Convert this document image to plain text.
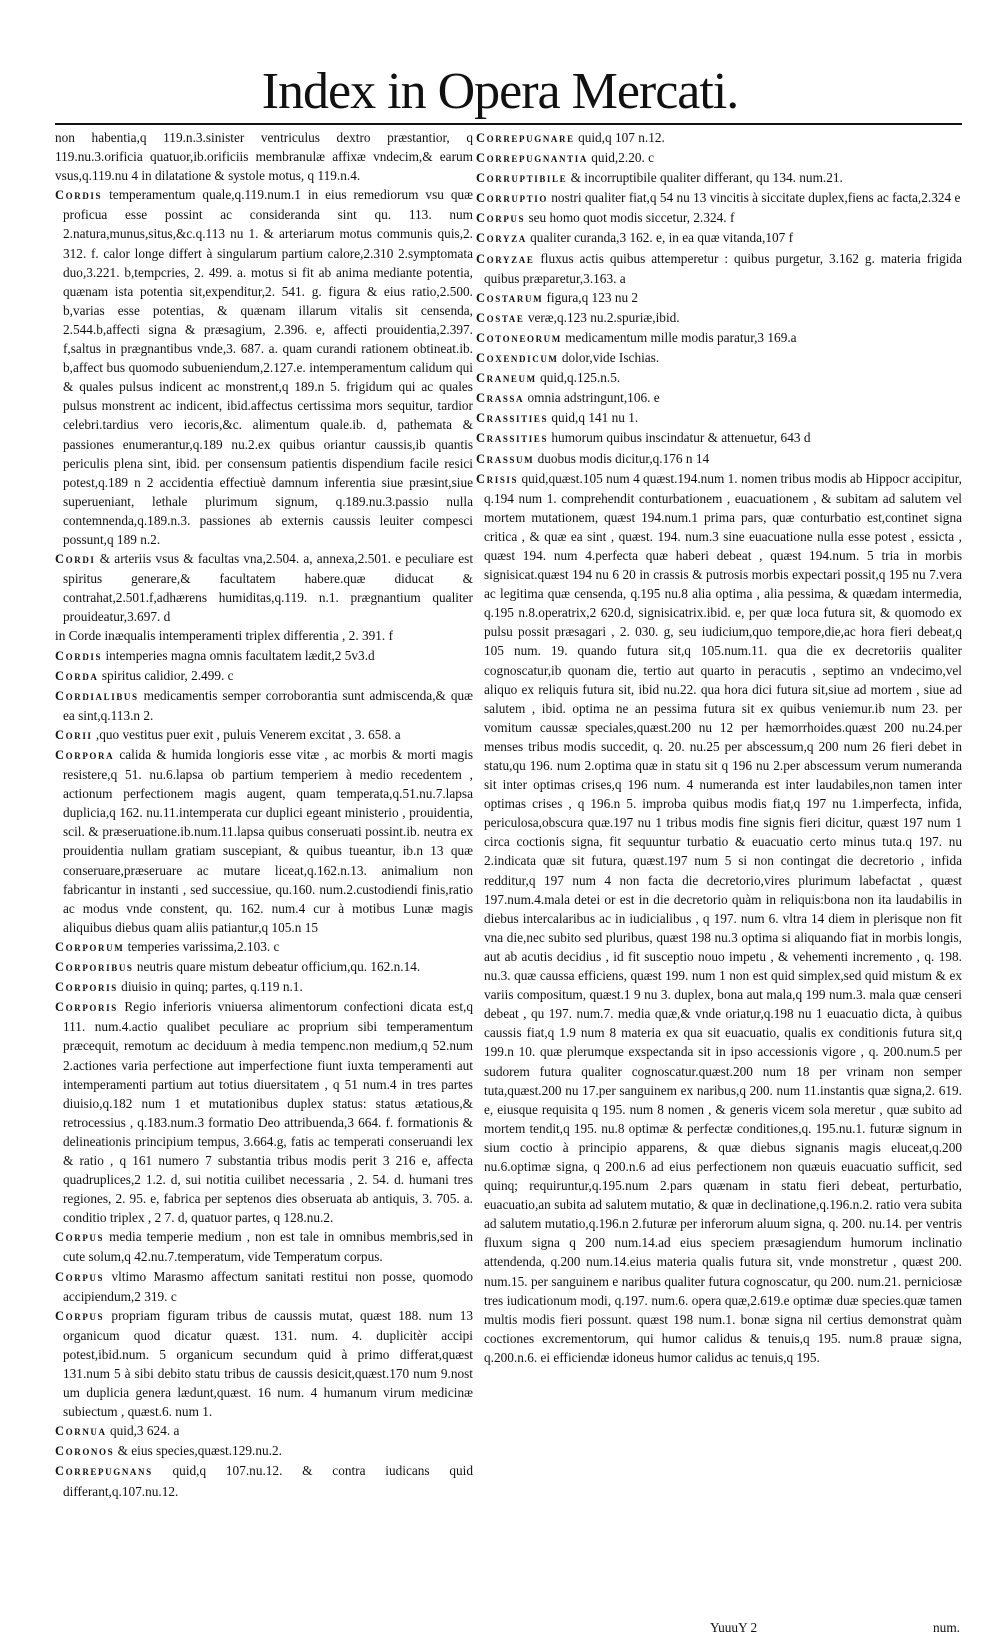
Index in Opera Mercati.

non habentia,q 119.n.3.sinister ventriculus dextro præstantior, q 119.nu.3.orificia quatuor,ib.orificiis membranulæ affixæ vndecim,& earum vsus,q.119.nu 4 in dilatatione & systole motus, q 119.n.4.

Cordis temperamentum quale,q.119.num.1 in eius remediorum vsu quæ proficua esse possint ac consideranda sint qu. 113. num 2.natura,munus,situs,&c.q.113 nu 1. & arteriarum motus communis quis,2. 312. f. calor longe differt à singularum partium calore,2.310 2.symptomata duo,3.221. b,tempcries, 2. 499. a. motus si fit ab anima mediante potentia, quænam ista potentia sit,expenditur,2. 541. g. figura & eius ratio,2.500. b,varias esse potentias, & quænam illarum vitalis sit censenda, 2.544.b,affecti signa & præsagium, 2.396. e, affecti prouidentia,2.397. f,saltus in prægnantibus vnde,3. 687. a. quam curandi rationem obtineat.ib. b,affect bus quomodo subueniendum,2.127.e. intemperamentum calidum qui & quales pulsus indicent ac monstrent,q 189.n 5. frigidum qui ac quales pulsus monstrent ac indicent, ibid.affectus certissima mors sequitur, tardior celebri.tardius vero iecoris,&c. alimentum quale.ib. d, pathemata & passiones enumerantur,q.189 nu.2.ex quibus oriantur caussis,ib quantis periculis plena sint, ibid. per consensum patientis dispendium facile resici potest,q.189 n 2 accidentia effectiuè damnum inferentia siue præsint,siue superueniant, lethale plurimum signum, q.189.nu.3.passio nulla contemnenda,q.189.n.3. passiones ab externis caussis leuiter compesci possunt,q 189 n.2.

Cordi & arteriis vsus & facultas vna,2.504. a, annexa,2.501. e peculiare est spiritus generare,& facultatem habere.quæ diducat & contrahat,2.501.f,adhærens humiditas,q.119. n.1. prægnantium qualiter prouideatur,3.697. d

in Corde inæqualis intemperamenti triplex differentia , 2. 391. f

Cordis intemperies magna omnis facultatem lædit,2 5v3.d

Corda spiritus calidior, 2.499. c

Cordialibus medicamentis semper corroborantia sunt admiscenda,& quæ ea sint,q.113.n 2.

Corii ,quo vestitus puer exit , puluis Venerem excitat , 3. 658. a

Corpora calida & humida longioris esse vitæ , ac morbis & morti magis resistere,q 51. nu.6.lapsa ob partium temperiem à medio recedentem , actionum perfectionem magis augent, quam temperata,q.51.nu.7.lapsa duplicia,q 162. nu.11.intemperata cur duplici egeant ministerio , prouidentia, scil. & præseruatione.ib.num.11.lapsa quibus conseruati possint.ib. neutra ex prouidentia nullam gratiam suscepiant, & quibus tueantur, ib.n 13 quæ conseruare,præseruare ac mutare liceat,q.162.n.13. animalium non fabricantur in instanti , sed successiue, qu.160. num.2.custodiendi finis,ratio ac modus vnde constent, qu. 162. num.4 cur à motibus Lunæ magis aliquibus diebus quam aliis patiantur,q 105.n 15

Corporum temperies varissima,2.103. c

Corporibus neutris quare mistum debeatur officium,qu. 162.n.14.

Corporis diuisio in quinq; partes, q.119 n.1.

Corporis Regio inferioris vniuersa alimentorum confectioni dicata est,q 111. num.4.actio qualibet peculiare ac proprium sibi temperamentum præcequit, remotum ac deciduum à media tempenc.non medium,q 52.num 2.actiones varia perfectione aut imperfectione fiunt iuxta temperamenti aut intemperamenti partium aut totius diuersitatem , q 51 num.4 in tres partes diuisio,q.182 num 1 et mutationibus duplex status: status ætatious,& retrocessius , q.183.num.3 formatio Deo attribuenda,3 664. f. formationis & delineationis principium tempus, 3.664.g, fatis ac temperati conseruandi lex & ratio , q 161 numero 7 substantia tribus modis perit 3 216 e, affecta quadruplices,2 1.2. d, sui notitia cuilibet necessaria , 2. 54. d. humani tres regiones, 2. 95. e, fabrica per septenos dies obseruata ab antiquis, 3. 705. a. conditio triplex , 2 7. d, quatuor partes, q 128.nu.2.

Corpus media temperie medium , non est tale in omnibus membris,sed in cute solum,q 42.nu.7.temperatum, vide Temperatum corpus.

Corpus vltimo Marasmo affectum sanitati restitui non posse, quomodo accipiendum,2 319. c

Corpus propriam figuram tribus de caussis mutat, quæst 188. num 13 organicum quod dicatur quæst. 131. num. 4. duplicitèr accipi potest,ibid.num. 5 organicum secundum quid à primo differat,quæst 131.num 5 à sibi debito statu tribus de caussis desicit,quæst.170 num 9.nost um duplicia genera lædunt,quæst. 16 num. 4 humanum virum medicinæ subiectum , quæst.6. num 1.

Cornua quid,3 624. a

Coronos & eius species,quæst.129.nu.2.

Correpugnans quid,q 107.nu.12. & contra iudicans quid differant,q.107.nu.12.

Correpugnare quid,q 107 n.12.

Correpugnantia quid,2.20. c

Corruptibile & incorruptibile qualiter differant, qu 134. num.21.

Corruptio nostri qualiter fiat,q 54 nu 13 vincitis à siccitate duplex,fiens ac facta,2.324 e

Corpus seu homo quot modis siccetur, 2.324. f

Coryza qualiter curanda,3 162. e, in ea quæ vitanda,107 f

Coryzae fluxus actis quibus attemperetur : quibus purgetur, 3.162 g. materia frigida quibus præparetur,3.163. a

Costarum figura,q 123 nu 2

Costae veræ,q.123 nu.2.spuriæ,ibid.

Cotoneorum medicamentum mille modis paratur,3 169.a

Coxendicum dolor,vide Ischias.

Craneum quid,q.125.n.5.

Crassa omnia adstringunt,106. e

Crassities quid,q 141 nu 1.

Crassities humorum quibus inscindatur & attenuetur, 643 d

Crassum duobus modis dicitur,q.176 n 14

Crisis quid,quæst.105 num 4 quæst.194.num 1. nomen tribus modis ab Hippocr accipitur, q.194 num 1. comprehendit conturbationem , euacuationem , & subitam ad salutem vel mortem mutationem, quæst 194.num.1 prima pars, quæ conturbatio est,continet signa critica , & quæ ea sint , quæst. 194. num.3 sine euacuatione nulla esse potest , essicta , quæst 194. num 4.perfecta quæ haberi debeat , quæst 194.num. 5 tria in morbis signisicat.quæst 194 nu 6 20 in crassis & putrosis morbis expectari possit,q 195 nu 7.vera ac legitima quæ censenda, q.195 nu.8 alia optima , alia pessima, & quædam intermedia, q.195 n.8.operatrix,2 620.d, signisicatrix.ibid. e, per quæ loca futura sit, & quomodo ex pulsu possit præsagari , 2. 030. g, seu iudicium,quo tempore,die,ac hora fieri debeat,q 105 num. 19. quando futura sit,q 105.num.11. qua die ex decretoriis qualiter cognoscatur,ib quonam die, tertio aut quarto in peracutis , septimo an vndecimo,vel aliquo ex reliquis futura sit, ibid nu.22. qua hora dici futura sit,siue ad mortem , siue ad salutem , ibid. optima ne an pessima futura sit ex quibus veniemur.ib num 23. per vomitum caussæ speciales,quæst.200 nu 12 per hæmorrhoides.quæst 200 nu.24.per menses tribus modis succedit, q. 20. nu.25 per abscessum,q 200 num 26 fieri debet in statu,qu 196. num 2.optima quæ in statu sit q 196 nu 2.per abscessum verum numeranda sit inter optimas crises,q 196 num. 4 numeranda est inter laudabiles,non tamen inter optimas crises , q 196.n 5. improba quibus modis fiat,q 197 nu 1.imperfecta, infida, periculosa,obscura quæ.197 nu 1 tribus modis fine signis fieri dicitur, quæst 197 num 1 circa coctionis signa, fit sequuntur turbatio & euacuatio certo minus tuta.q 197. nu 2.indicata quæ sit futura, quæst.197 num 5 si non contingat die decretorio , infida redditur,q 197 num 4 non facta die decretorio,vires plurimum labefactat , quæst 197.num.4.mala detei or est in die decretorio quàm in reliquis:bona non ita laudabilis in diebus intercalaribus ac in iudicialibus , q 197. num 6. vltra 14 diem in plerisque non fit vna die,nec subito sed pluribus, quæst 198 nu.3 optima si aliquando fiat in morbis longis, aut ab acutis decidius , id fit susceptio nouo impetu , & vehementi incremento , q. 198. nu.3. quæ caussa efficiens, quæst 199. num 1 non est quid simplex,sed quid mistum & ex variis compositum, quæst.1 9 nu 3. duplex, bona aut mala,q 199 num.3. mala quæ censeri debeat , qu 197. num.7. media quæ,& vnde oriatur,q.198 nu 1 euacuatio dicta, à quibus caussis fiat,q 1.9 num 8 materia ex qua sit euacuatio, qualis ex conditionis futura sit,q 199.n 10. quæ plerumque exspectanda sit in ipso accessionis vigore , q. 200.num.5 per sudorem futura qualiter cognoscatur.quæst.200 num 18 per vrinam non semper tuta,quæst.200 nu 17.per sanguinem ex naribus,q 200. num 11.instantis quæ signa,2. 619. e, eiusque requisita q 195. num 8 nomen , & generis vicem sola meretur , quæ subito ad mortem tendit,q 195. nu.8 optimæ & perfectæ conditiones,q. 195.nu.1. futuræ signum in sium coctio à principio apparens, & quæ diebus signanis magis eluceat,q.200 nu.6.optimæ signa, q 200.n.6 ad eius perfectionem non quæuis euacuatio sufficit, sed quinq; requiruntur,q.195.num 2.pars quænam in statu fieri debeat, perturbatio, euacuatio,an subita ad salutem mutatio, & quæ in declinatione,q.196.n.2. ratio vera subita ad salutem mutatio,q.196.n 2.futuræ per inferorum aluum signa, q. 200. nu.14. per ventris fluxum signa q 200 num.14.ad eius speciem præsagiendum humorum inclinatio attendenda, q.200 num.14.eius materia qualis futura sit, vnde monstretur , quæst 200. num.15. per sanguinem e naribus qualiter futura cognoscatur, qu 200. num.21. perniciosæ tres iudicationum modi, q.197. num.6. opera quæ,2.619.e optimæ duæ species.quæ tamen multis modis fieri possunt. quæst 198 num.1. bonæ signa nil certius demonstrat quàm coctiones excrementorum, qui humor calidus & tenuis,q 195. num.8 prauæ signa, q.200.n.6. ei efficiendæ idoneus humor calidus ac tenuis,q 195.

YuuuY 2	num.
